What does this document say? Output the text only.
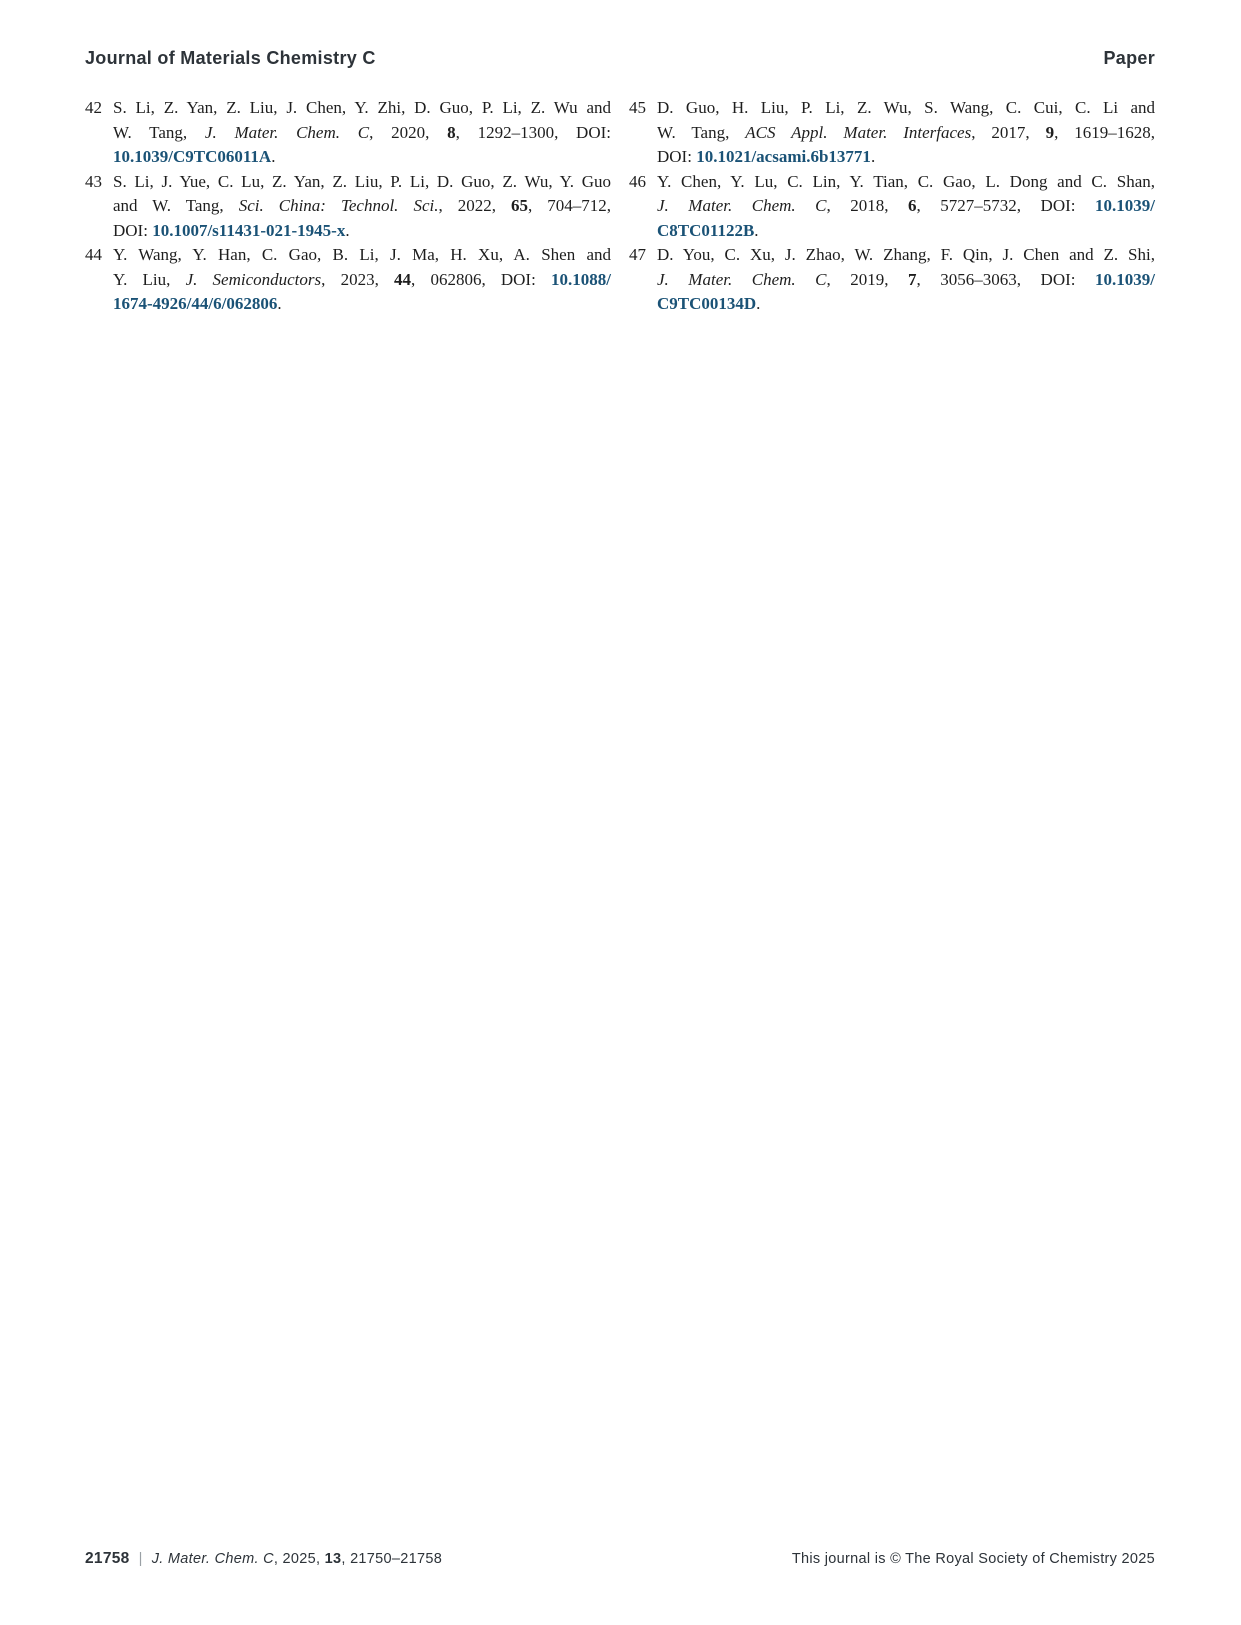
Journal of Materials Chemistry C	Paper
42 S. Li, Z. Yan, Z. Liu, J. Chen, Y. Zhi, D. Guo, P. Li, Z. Wu and
W. Tang, J. Mater. Chem. C, 2020, 8, 1292–1300, DOI:
10.1039/C9TC06011A.
43 S. Li, J. Yue, C. Lu, Z. Yan, Z. Liu, P. Li, D. Guo, Z. Wu, Y. Guo
and W. Tang, Sci. China: Technol. Sci., 2022, 65, 704–712,
DOI: 10.1007/s11431-021-1945-x.
44 Y. Wang, Y. Han, C. Gao, B. Li, J. Ma, H. Xu, A. Shen and
Y. Liu, J. Semiconductors, 2023, 44, 062806, DOI: 10.1088/
1674-4926/44/6/062806.
45 D. Guo, H. Liu, P. Li, Z. Wu, S. Wang, C. Cui, C. Li and
W. Tang, ACS Appl. Mater. Interfaces, 2017, 9, 1619–1628,
DOI: 10.1021/acsami.6b13771.
46 Y. Chen, Y. Lu, C. Lin, Y. Tian, C. Gao, L. Dong and C. Shan,
J. Mater. Chem. C, 2018, 6, 5727–5732, DOI: 10.1039/
C8TC01122B.
47 D. You, C. Xu, J. Zhao, W. Zhang, F. Qin, J. Chen and Z. Shi,
J. Mater. Chem. C, 2019, 7, 3056–3063, DOI: 10.1039/
C9TC00134D.
21758 | J. Mater. Chem. C, 2025, 13, 21750–21758	This journal is © The Royal Society of Chemistry 2025
